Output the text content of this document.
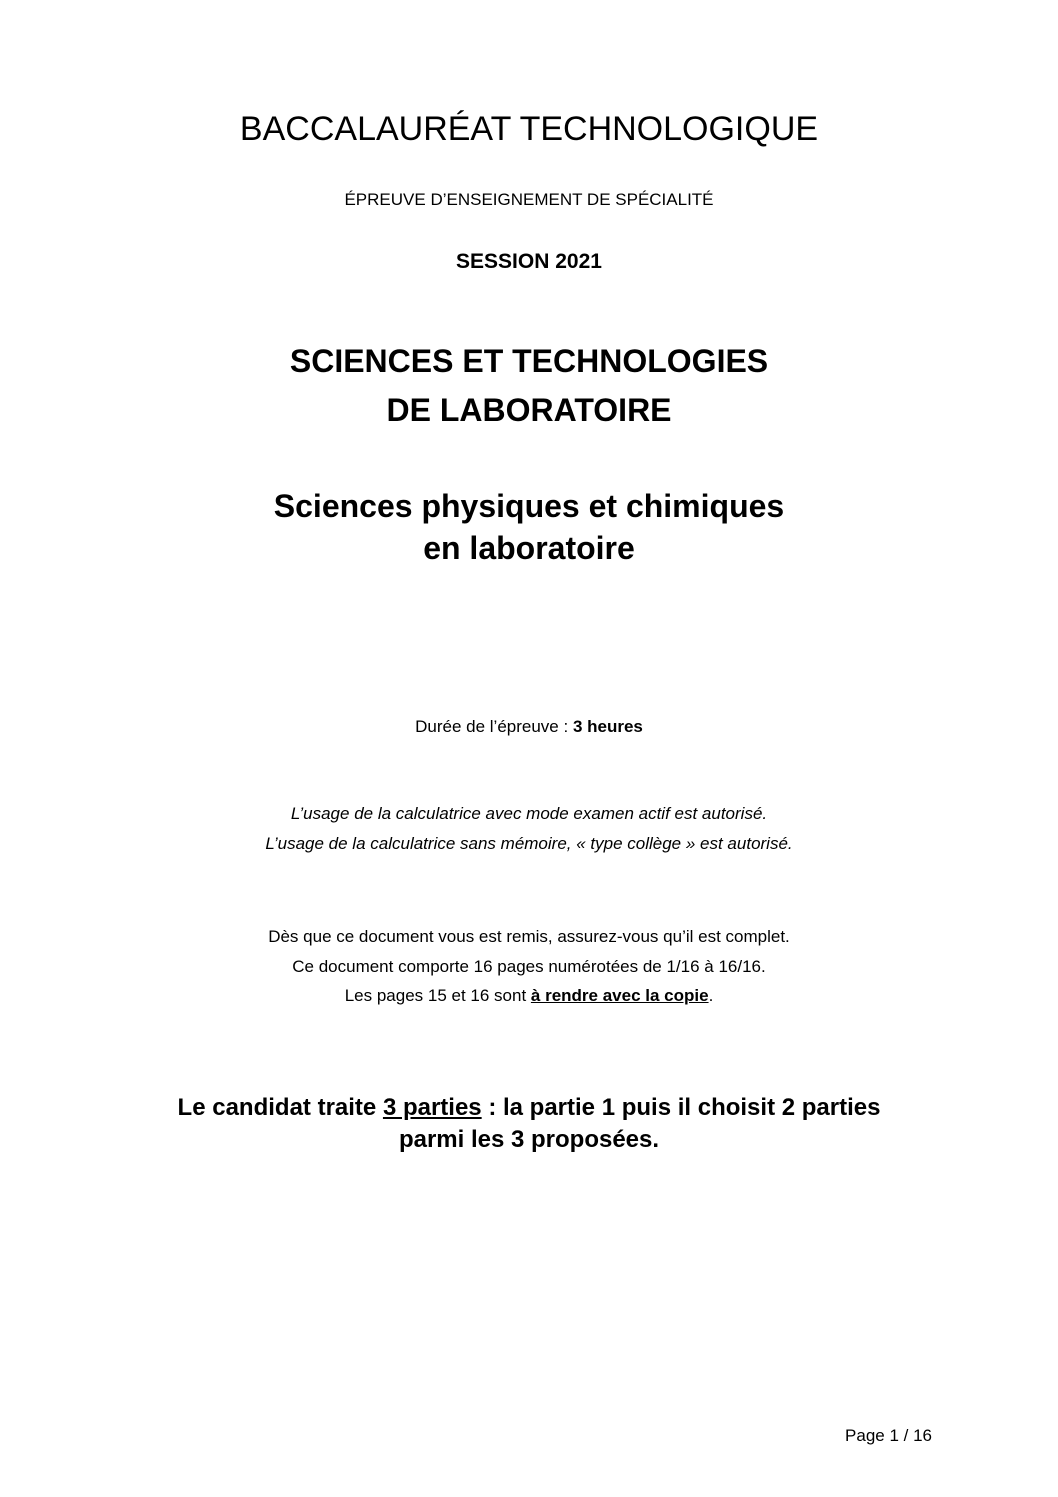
BACCALAURÉAT TECHNOLOGIQUE
ÉPREUVE D’ENSEIGNEMENT DE SPÉCIALITÉ
SESSION 2021
SCIENCES ET TECHNOLOGIES
DE LABORATOIRE
Sciences physiques et chimiques
en laboratoire
Durée de l’épreuve : 3 heures
L’usage de la calculatrice avec mode examen actif est autorisé.
L’usage de la calculatrice sans mémoire, « type collège » est autorisé.
Dès que ce document vous est remis, assurez-vous qu’il est complet.
Ce document comporte 16 pages numérotées de 1/16 à 16/16.
Les pages 15 et 16 sont à rendre avec la copie.
Le candidat traite 3 parties : la partie 1 puis il choisit 2 parties
parmi les 3 proposées.
Page 1 / 16
